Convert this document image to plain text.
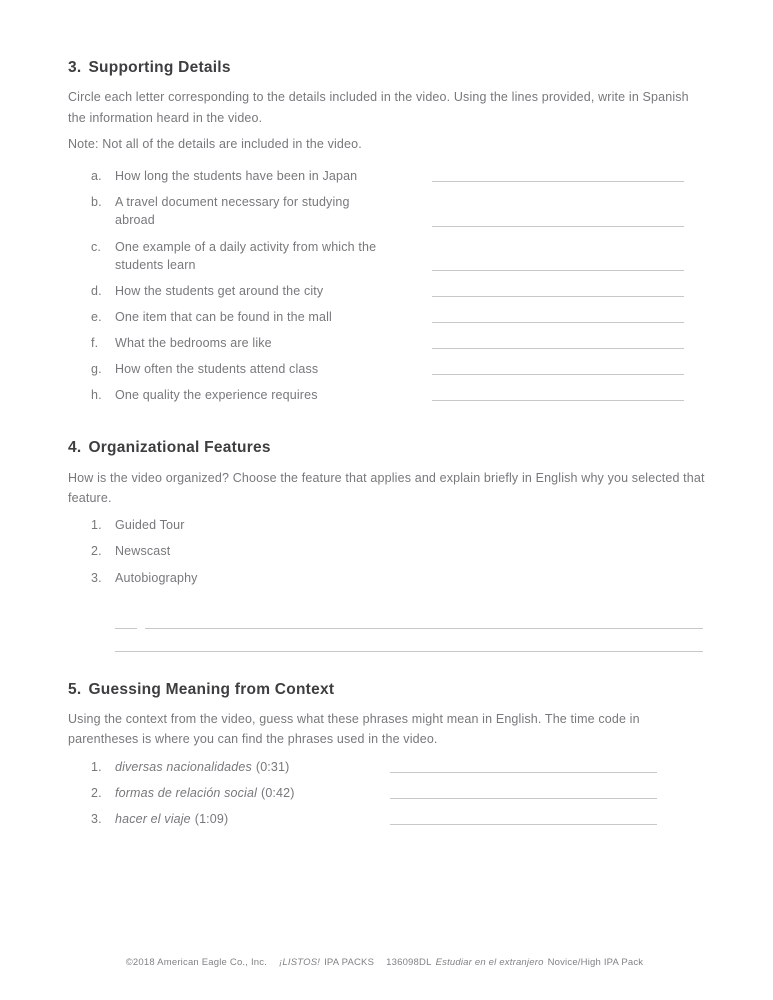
3. Supporting Details

Circle each letter corresponding to the details included in the video. Using the lines provided, write in Spanish the information heard in the video.

Note: Not all of the details are included in the video.

a.	How long the students have been in Japan
b.	A travel document necessary for studying abroad
c.	One example of a daily activity from which the students learn
d.	How the students get around the city
e.	One item that can be found in the mall
f.	What the bedrooms are like
g.	How often the students attend class
h.	One quality the experience requires
4. Organizational Features

How is the video organized? Choose the feature that applies and explain briefly in English why you selected that feature.

1.	Guided Tour
2.	Newscast
3.	Autobiography
5. Guessing Meaning from Context

Using the context from the video, guess what these phrases might mean in English. The time code in parentheses is where you can find the phrases used in the video.

1.	diversas nacionalidades (0:31)
2.	formas de relación social (0:42)
3.	hacer el viaje (1:09)
©2018 American Eagle Co., Inc. ¡LISTOS! IPA PACKS 136098DL Estudiar en el extranjero Novice/High IPA Pack
